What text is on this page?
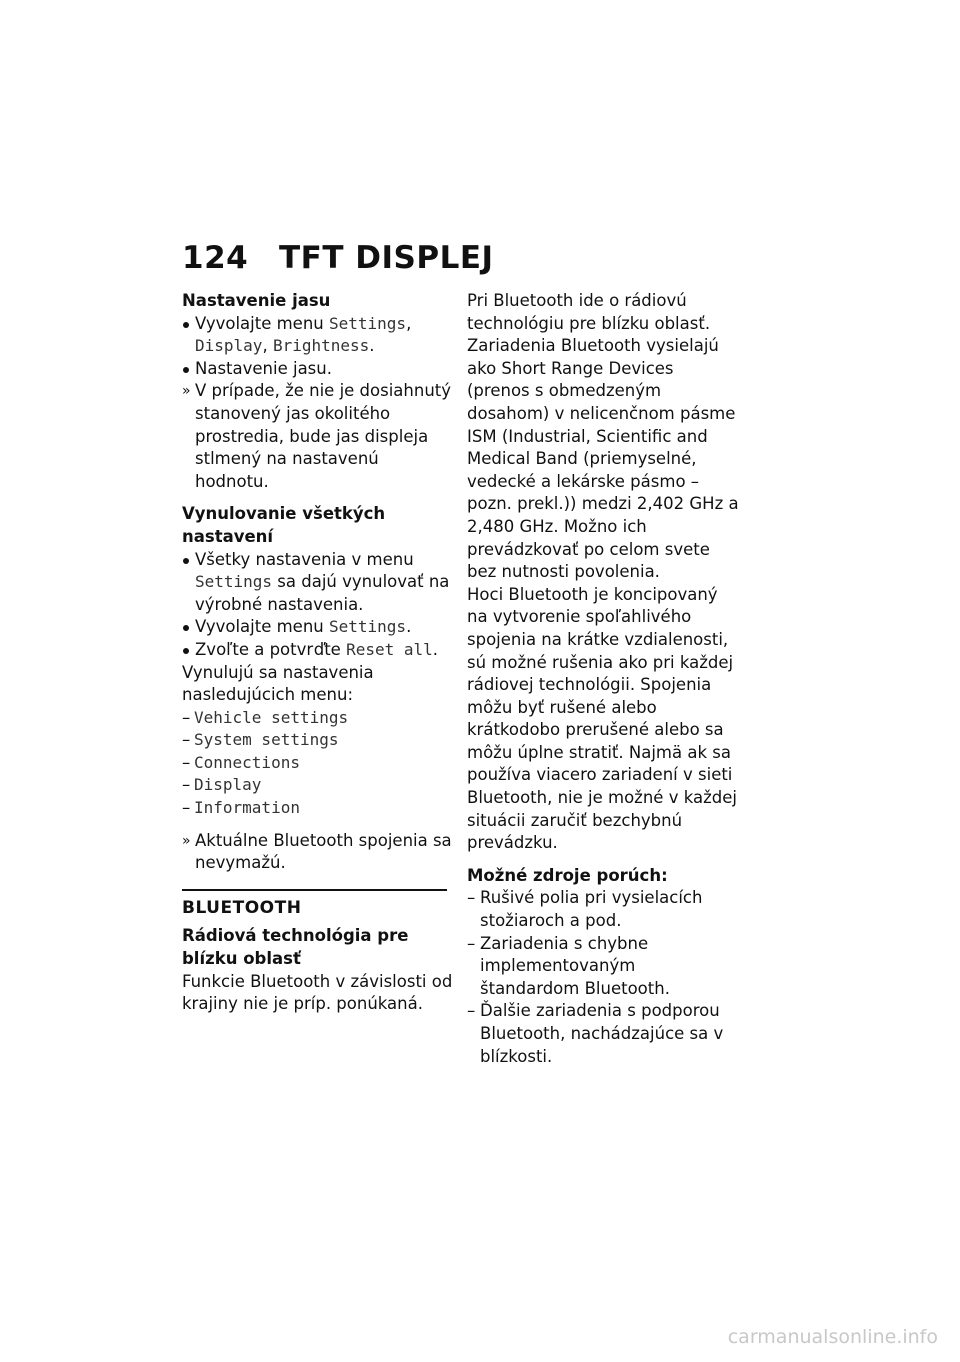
124 TFT DISPLEJ
Nastavenie jasu
Vyvolajte menu Settings,
Display, Brightness.
Nastavenie jasu.
» V prípade, že nie je dosiahnutý stanovený jas okolitého prostredia, bude jas displeja stlmený na nastavenú hodnotu.
Vynulovanie všetkých nastavení
Všetky nastavenia v menu Settings sa dajú vynulovať na výrobné nastavenia.
Vyvolajte menu Settings.
Zvoľte a potvrďte Reset all.
Vynulujú sa nastavenia nasledujúcich menu:
– Vehicle settings
– System settings
– Connections
– Display
– Information
» Aktuálne Bluetooth spojenia sa nevymažú.
BLUETOOTH
Rádiová technológia pre blízku oblasť
Funkcie Bluetooth v závislosti od krajiny nie je príp. ponúkaná.
Pri Bluetooth ide o rádiovú technológiu pre blízku oblasť. Zariadenia Bluetooth vysielajú ako Short Range Devices (prenos s obmedzeným dosahom) v nelicenčnom pásme ISM (Industrial, Scientific and Medical Band (priemyselné, vedecké a lekárske pásmo – pozn. prekl.)) medzi 2,402 GHz a 2,480 GHz. Možno ich prevádzkovať po celom svete bez nutnosti povolenia.
Hoci Bluetooth je koncipovaný na vytvorenie spoľahlivého spojenia na krátke vzdialenosti, sú možné rušenia ako pri každej rádiovej technológii. Spojenia môžu byť rušené alebo krátkodobo prerušené alebo sa môžu úplne stratiť. Najmä ak sa používa viacero zariadení v sieti Bluetooth, nie je možné v každej situácii zaručiť bezchybnú prevádzku.
Možné zdroje porúch:
– Rušivé polia pri vysielacích stožiaroch a pod.
– Zariadenia s chybne implementovaným štandardom Bluetooth.
– Ďalšie zariadenia s podporou Bluetooth, nachádzajúce sa v blízkosti.
carmanualsonline.info
